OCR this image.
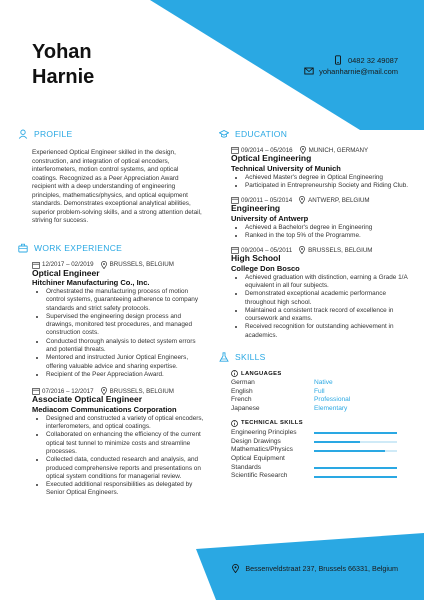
Yohan
Harnie
0482 32 49087
yohanharnie@mail.com
PROFILE
Experienced Optical Engineer skilled in the design, construction, and integration of optical encoders, interferometers, motion control systems, and optical coatings. Recognized as a Peer Appreciation Award recipient with a deep understanding of engineering principles, mathematics/physics, and optical equipment standards. Demonstrates exceptional analytical abilities, superior problem-solving skills, and a strong attention detail, striving for success.
WORK EXPERIENCE
12/2017 – 02/2019	BRUSSELS, BELGIUM
Optical Engineer
Hitchiner Manufacturing Co., Inc.
• Orchestrated the manufacturing process of motion control systems, guaranteeing adherence to company standards and strict safety protocols.
• Supervised the engineering design process and drawings, monitored test procedures, and managed construction costs.
• Conducted thorough analysis to detect system errors and potential threats.
• Mentored and instructed Junior Optical Engineers, offering valuable advice and sharing expertise.
• Recipient of the Peer Appreciation Award.
07/2016 – 12/2017	BRUSSELS, BELGIUM
Associate Optical Engineer
Mediacom Communications Corporation
• Designed and constructed a variety of optical encoders, interferometers, and optical coatings.
• Collaborated on enhancing the efficiency of the current optical test tunnel to minimize costs and streamline processes.
• Collected data, conducted research and analysis, and produced comprehensive reports and presentations on optical system conditions for managerial review.
• Executed additional responsibilities as delegated by Senior Optical Engineers.
EDUCATION
09/2014 – 05/2016	MUNICH, GERMANY
Optical Engineering
Technical University of Munich
• Achieved Master's degree in Optical Engineering
• Participated in Entrepreneurship Society and Riding Club.
09/2011 – 05/2014	ANTWERP, BELGIUM
Engineering
University of Antwerp
• Achieved a Bachelor's degree in Engineering
• Ranked in the top 5% of the Programme.
09/2004 – 05/2011	BRUSSELS, BELGIUM
High School
College Don Bosco
• Achieved graduation with distinction, earning a Grade 1/A equivalent in all four subjects.
• Demonstrated exceptional academic performance throughout high school.
• Maintained a consistent track record of excellence in coursework and exams.
• Received recognition for outstanding achievement in academics.
SKILLS
LANGUAGES
German	Native
English	Full
French	Professional
Japanese	Elementary
TECHNICAL SKILLS
Engineering Principles
Design Drawings
Mathematics/Physics
Optical Equipment Standards
Scientific Research
Bessenveldstraat 237, Brussels 66331, Belgium
